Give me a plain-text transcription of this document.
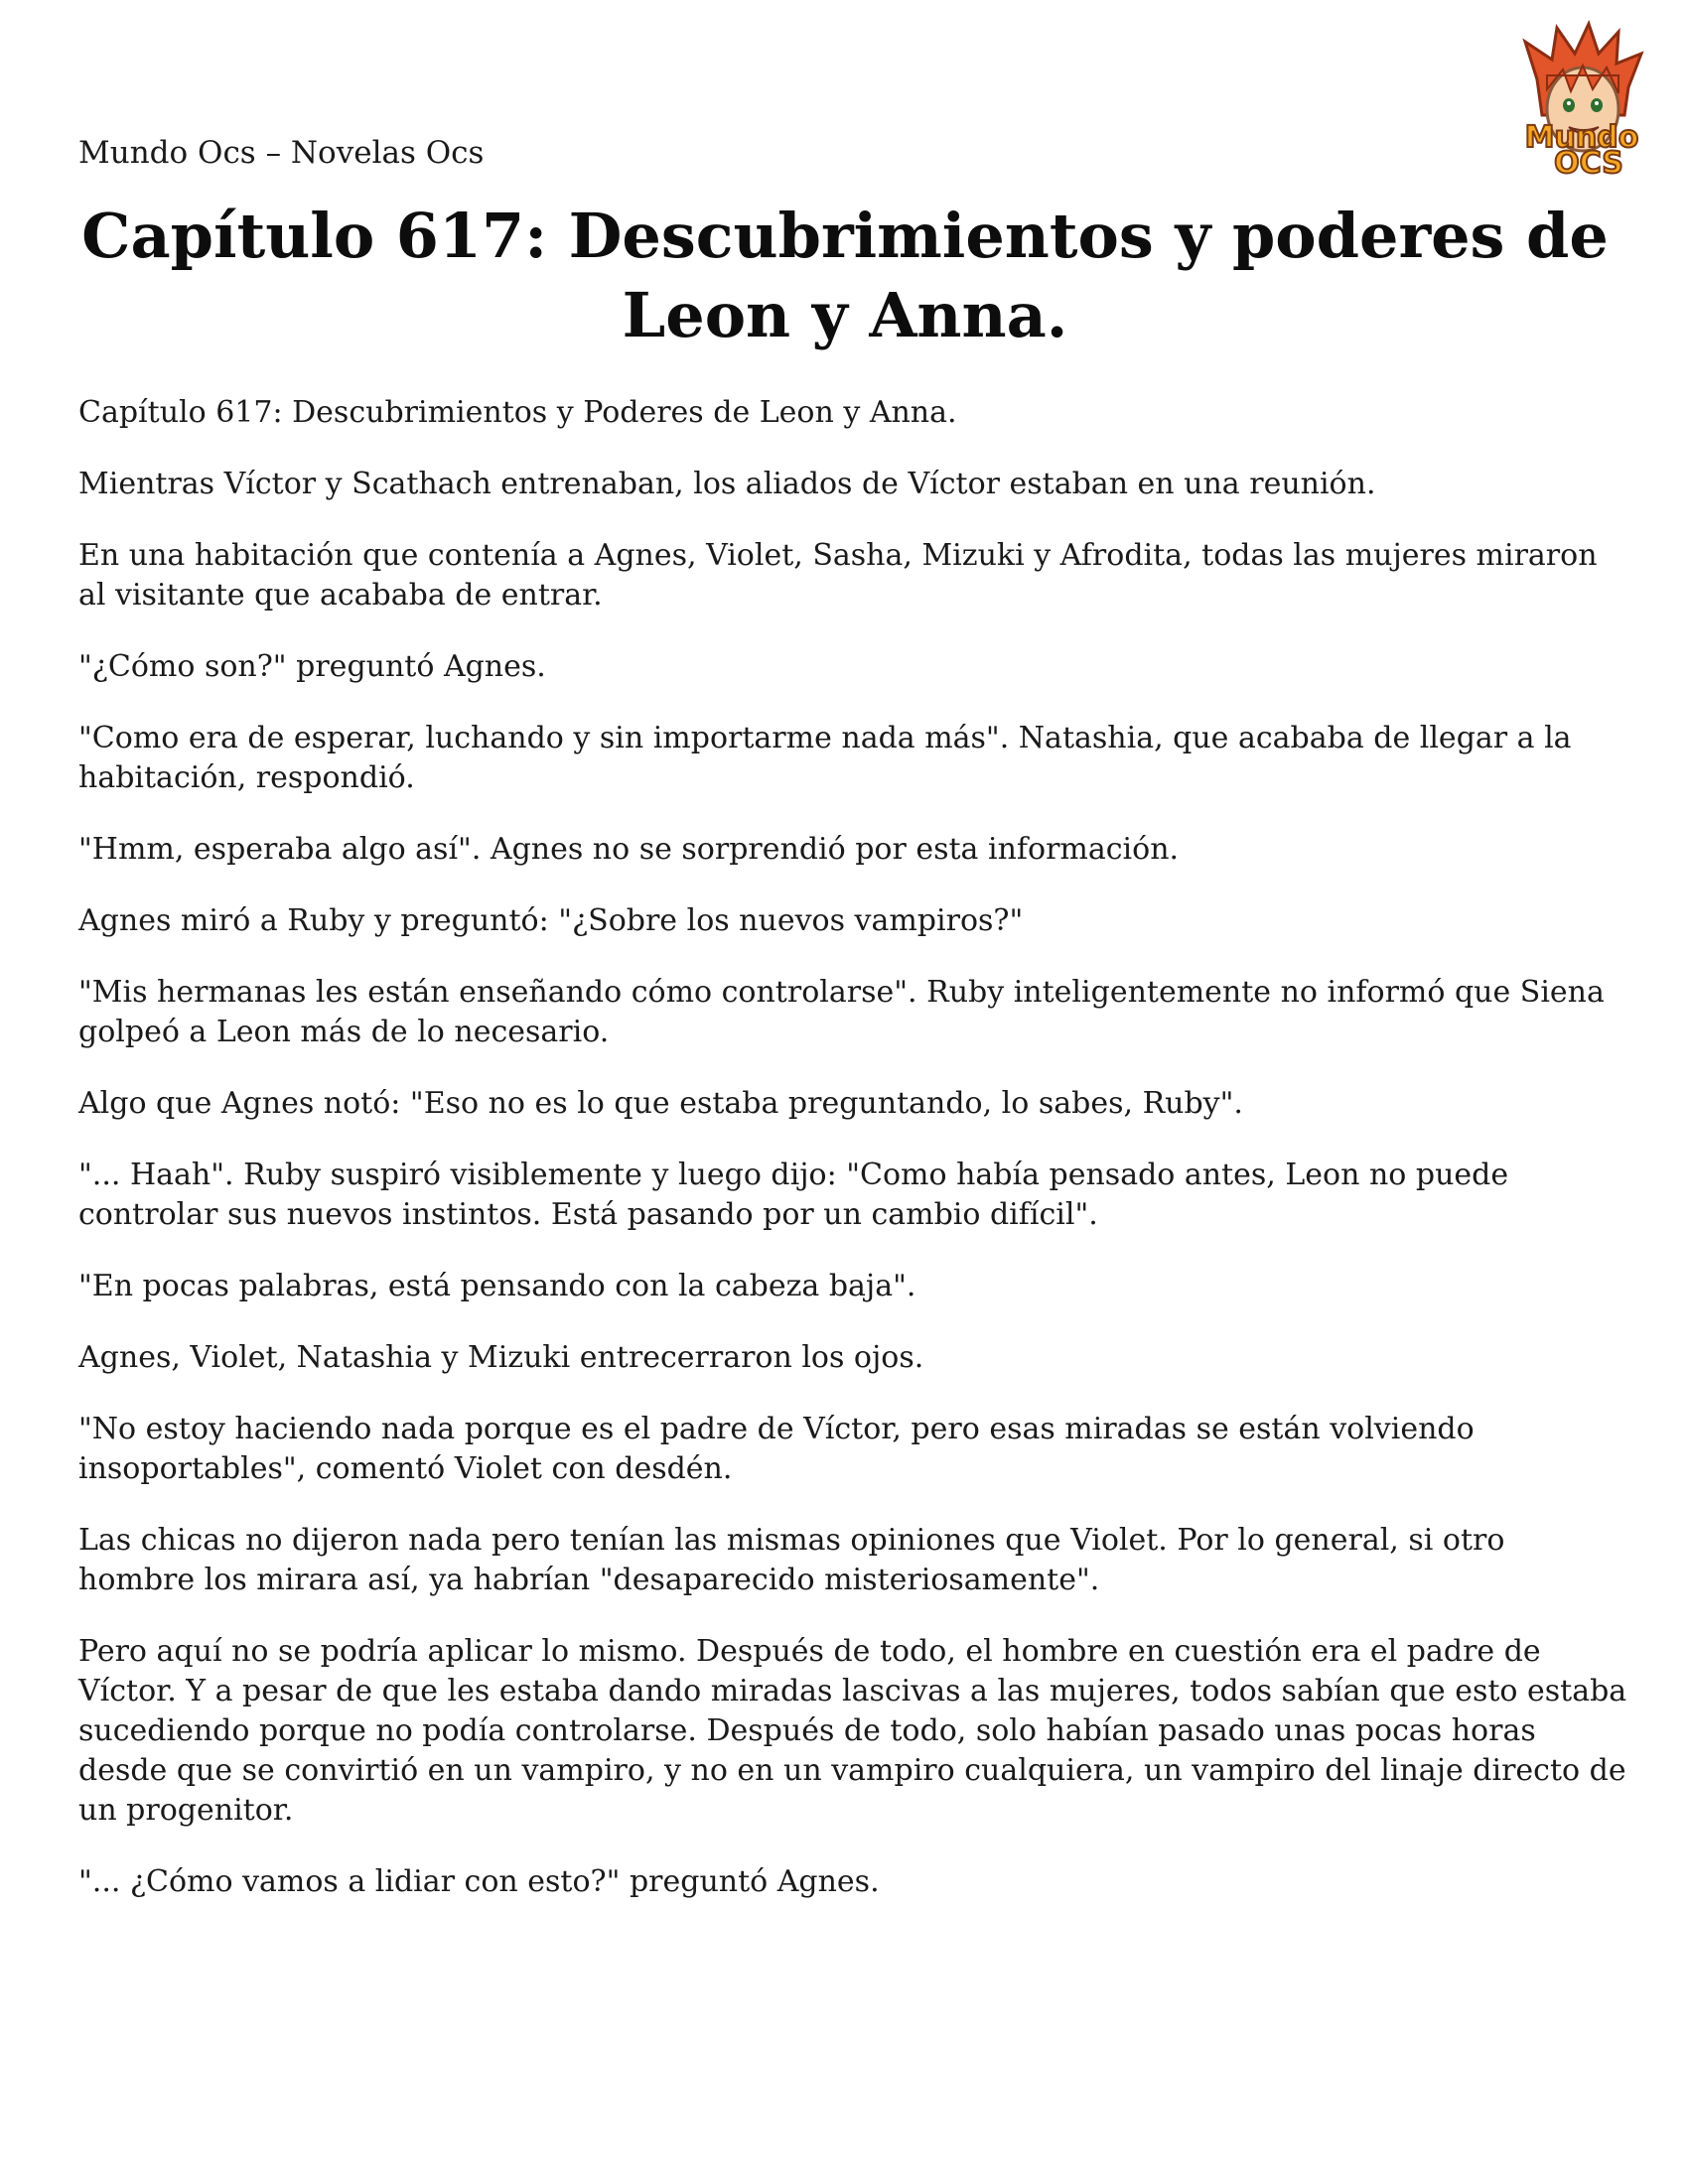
Mundo Ocs – Novelas Ocs	Mundo
OCS
Capítulo 617: Descubrimientos y poderes de Leon y Anna.

Capítulo 617: Descubrimientos y Poderes de Leon y Anna.

Mientras Víctor y Scathach entrenaban, los aliados de Víctor estaban en una reunión.

En una habitación que contenía a Agnes, Violet, Sasha, Mizuki y Afrodita, todas las mujeres miraron al visitante que acababa de entrar.

"¿Cómo son?" preguntó Agnes.

"Como era de esperar, luchando y sin importarme nada más". Natashia, que acababa de llegar a la habitación, respondió.

"Hmm, esperaba algo así". Agnes no se sorprendió por esta información.

Agnes miró a Ruby y preguntó: "¿Sobre los nuevos vampiros?"

"Mis hermanas les están enseñando cómo controlarse". Ruby inteligentemente no informó que Siena golpeó a Leon más de lo necesario.

Algo que Agnes notó: "Eso no es lo que estaba preguntando, lo sabes, Ruby".

"... Haah". Ruby suspiró visiblemente y luego dijo: "Como había pensado antes, Leon no puede controlar sus nuevos instintos. Está pasando por un cambio difícil".

"En pocas palabras, está pensando con la cabeza baja".

Agnes, Violet, Natashia y Mizuki entrecerraron los ojos.

"No estoy haciendo nada porque es el padre de Víctor, pero esas miradas se están volviendo insoportables", comentó Violet con desdén.

Las chicas no dijeron nada pero tenían las mismas opiniones que Violet. Por lo general, si otro hombre los mirara así, ya habrían "desaparecido misteriosamente".

Pero aquí no se podría aplicar lo mismo. Después de todo, el hombre en cuestión era el padre de Víctor. Y a pesar de que les estaba dando miradas lascivas a las mujeres, todos sabían que esto estaba sucediendo porque no podía controlarse. Después de todo, solo habían pasado unas pocas horas desde que se convirtió en un vampiro, y no en un vampiro cualquiera, un vampiro del linaje directo de un progenitor.

"... ¿Cómo vamos a lidiar con esto?" preguntó Agnes.
